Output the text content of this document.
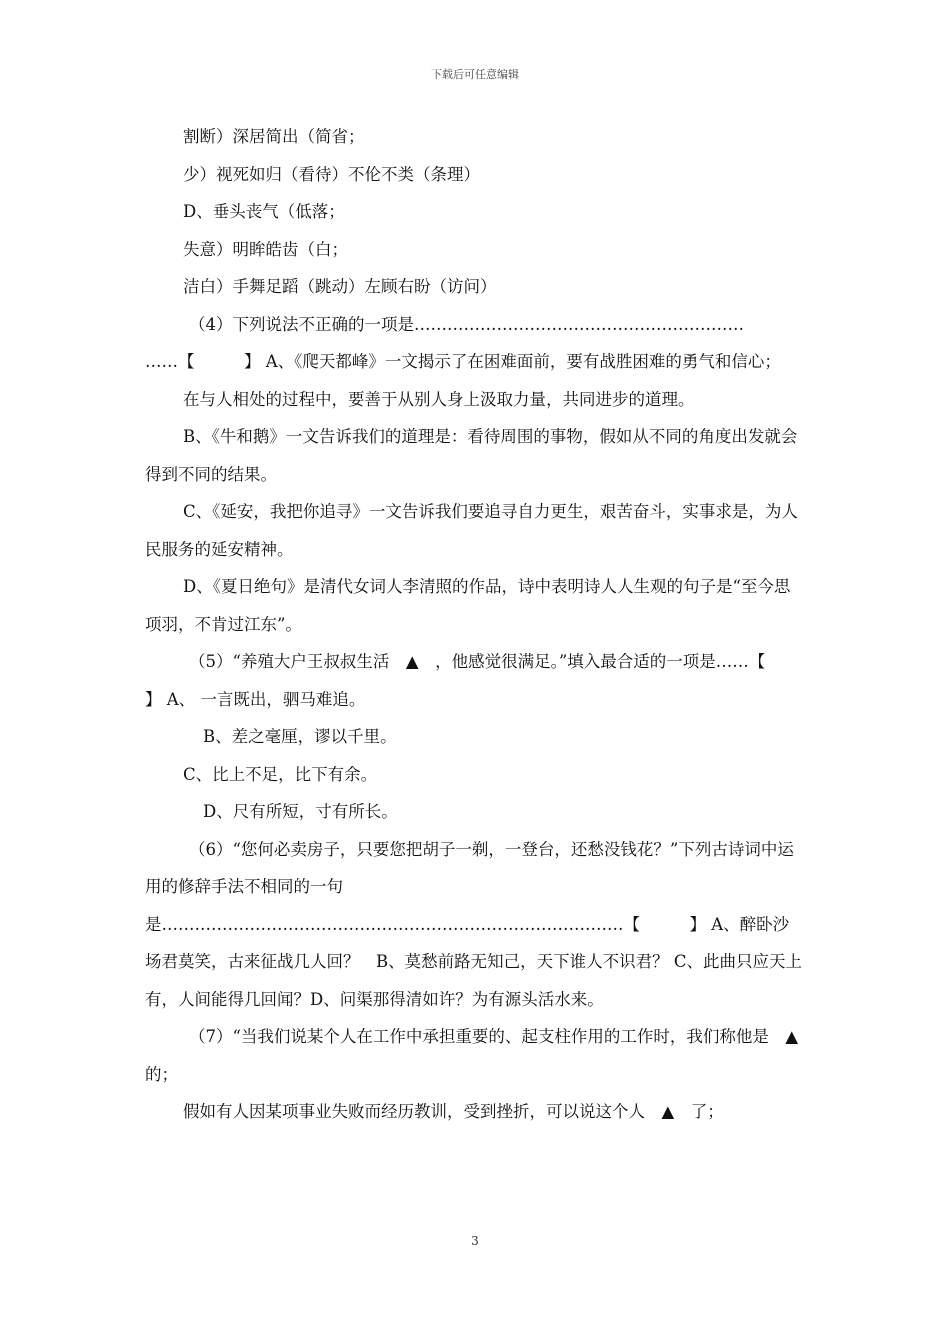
下载后可任意编辑

割断）深居简出（简省；

少）视死如归（看待）不伦不类（条理）

D、垂头丧气（低落；

失意）明眸皓齿（白；

洁白）手舞足蹈（跳动）左顾右盼（访问）

（4）下列说法不正确的一项是……………………………………………………

……【　　　】 A、《爬天都峰》一文揭示了在困难面前，要有战胜困难的勇气和信心；

在与人相处的过程中，要善于从别人身上汲取力量，共同进步的道理。

B、《牛和鹅》一文告诉我们的道理是：看待周围的事物，假如从不同的角度出发就会得到不同的结果。

C、《延安，我把你追寻》一文告诉我们要追寻自力更生，艰苦奋斗，实事求是，为人民服务的延安精神。

D、《夏日绝句》是清代女词人李清照的作品，诗中表明诗人人生观的句子是“至今思项羽，不肯过江东”。

（5）“养殖大户王叔叔生活　▲　，他感觉很满足。”填入最合适的一项是……【　　　】 A、 一言既出，驷马难追。

B、差之毫厘，谬以千里。

C、比上不足，比下有余。

D、尺有所短，寸有所长。

（6）“您何必卖房子，只要您把胡子一剃，一登台，还愁没钱花？”下列古诗词中运用的修辞手法不相同的一句是…………………………………………………………………………【　　　】 A、醉卧沙场君莫笑，古来征战几人回？　B、莫愁前路无知己，天下谁人不识君？ C、此曲只应天上有，人间能得几回闻？D、问渠那得清如许？为有源头活水来。

（7）“当我们说某个人在工作中承担重要的、起支柱作用的工作时，我们称他是　▲　的；

假如有人因某项事业失败而经历教训，受到挫折，可以说这个人　▲　了；

3
